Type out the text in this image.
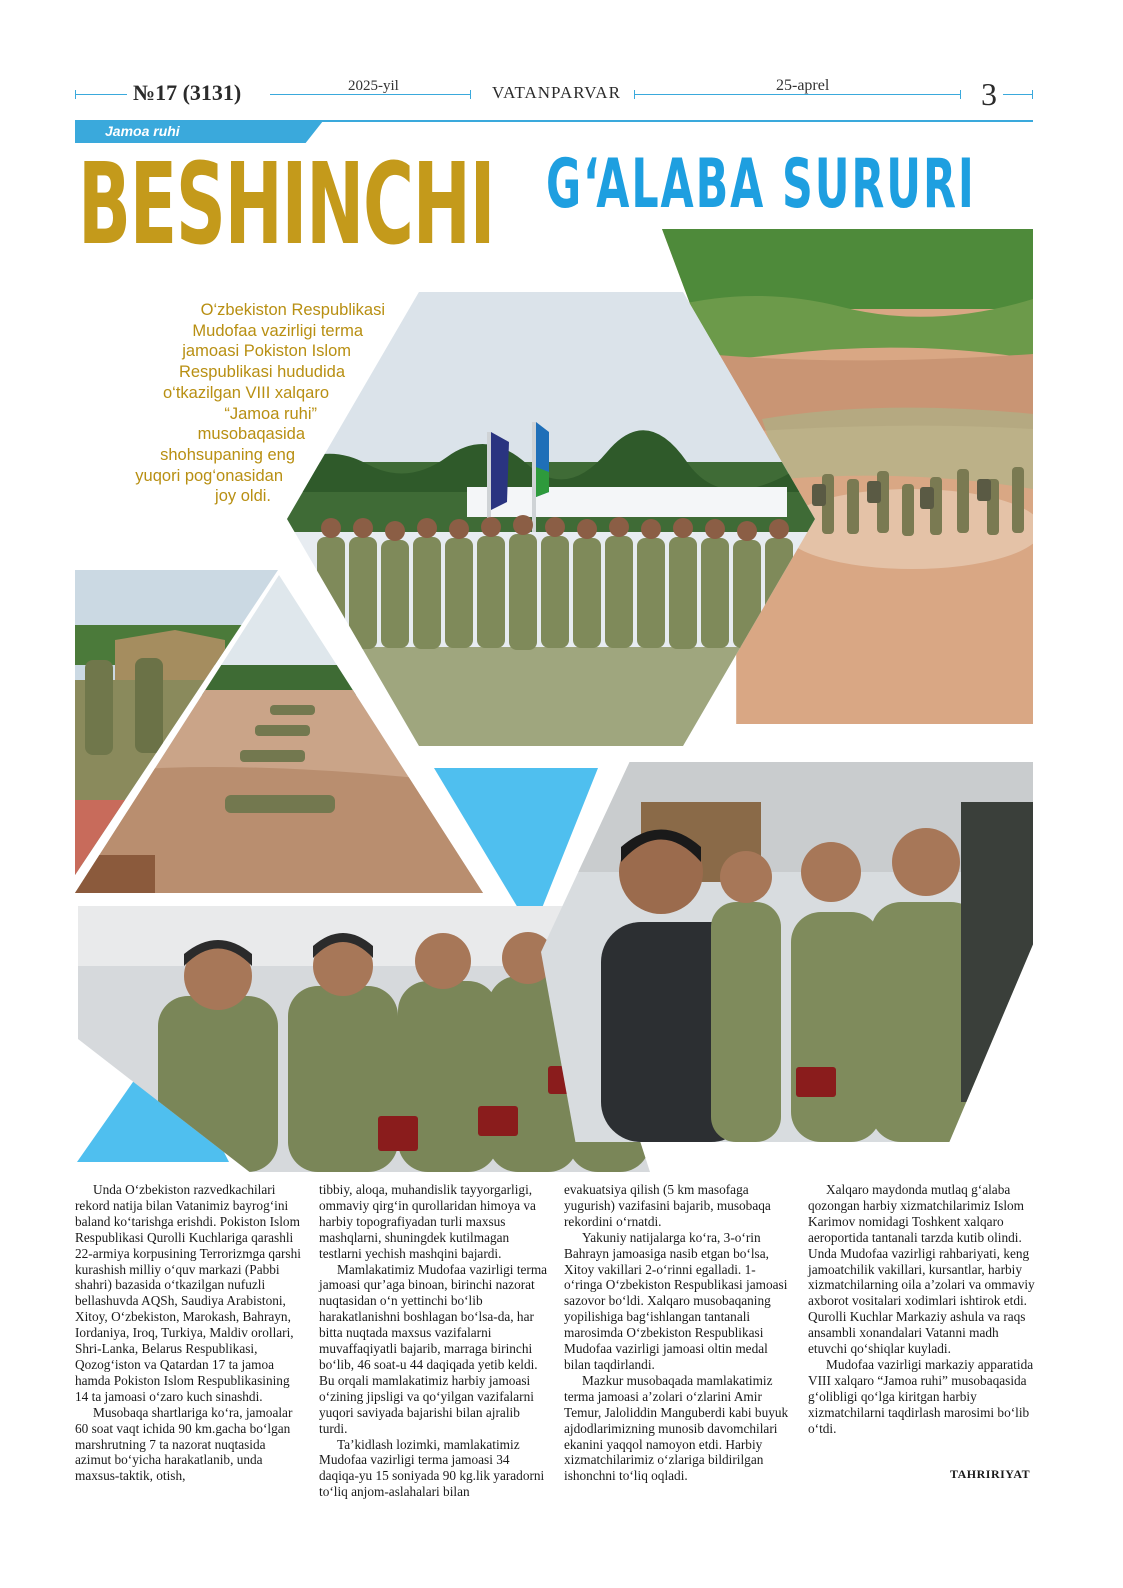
№17 (3131)	2025-yil	VATANPARVAR	25-aprel	3
Jamoa ruhi
BESHINCHI G‘ALABA SURURI
O‘zbekiston Respublikasi
Mudofaa vazirligi terma
jamoasi Pokiston Islom
Respublikasi hududida
o‘tkazilgan VIII xalqaro
“Jamoa ruhi”
musobaqasida
shohsupaning eng
yuqori pog‘onasidan
joy oldi.

Unda O‘zbekiston razvedkachilari rekord natija bilan Vatanimiz bayrog‘ini baland ko‘tarishga erishdi. Pokiston Islom Respublikasi Qurolli Kuchlariga qarashli 22-armiya korpusining Terrorizmga qarshi kurashish milliy o‘quv markazi (Pabbi shahri) bazasida o‘tkazilgan nufuzli bellashuvda AQSh, Saudiya Arabistoni, Xitoy, O‘zbekiston, Marokash, Bahrayn, Iordaniya, Iroq, Turkiya, Maldiv orollari, Shri-Lanka, Belarus Respublikasi, Qozog‘iston va Qatardan 17 ta jamoa hamda Pokiston Islom Respublikasining 14 ta jamoasi o‘zaro kuch sinashdi.

Musobaqa shartlariga ko‘ra, jamoalar 60 soat vaqt ichida 90 km.gacha bo‘lgan marshrutning 7 ta nazorat nuqtasida azimut bo‘yicha harakatlanib, unda maxsus-taktik, otish,

tibbiy, aloqa, muhandislik tayyorgarligi, ommaviy qirg‘in qurollaridan himoya va harbiy topografiyadan turli maxsus mashqlarni, shuningdek kutilmagan testlarni yechish mashqini bajardi.

Mamlakatimiz Mudofaa vazirligi terma jamoasi qur’aga binoan, birinchi nazorat nuqtasidan o‘n yettinchi bo‘lib harakatlanishni boshlagan bo‘lsa-da, har bitta nuqtada maxsus vazifalarni muvaffaqiyatli bajarib, marraga birinchi bo‘lib, 46 soat-u 44 daqiqada yetib keldi. Bu orqali mamlakatimiz harbiy jamoasi o‘zining jipsligi va qo‘yilgan vazifalarni yuqori saviyada bajarishi bilan ajralib turdi.

Ta’kidlash lozimki, mamlakatimiz Mudofaa vazirligi terma jamoasi 34 daqiqa-yu 15 soniyada 90 kg.lik yaradorni to‘liq anjom-aslahalari bilan

evakuatsiya qilish (5 km masofaga yugurish) vazifasini bajarib, musobaqa rekordini o‘rnatdi.

Yakuniy natijalarga ko‘ra, 3-o‘rin Bahrayn jamoasiga nasib etgan bo‘lsa, Xitoy vakillari 2-o‘rinni egalladi. 1-o‘ringa O‘zbekiston Respublikasi jamoasi sazovor bo‘ldi. Xalqaro musobaqaning yopilishiga bag‘ishlangan tantanali marosimda O‘zbekiston Respublikasi Mudofaa vazirligi jamoasi oltin medal bilan taqdirlandi.

Mazkur musobaqada mamlakatimiz terma jamoasi a’zolari o‘zlarini Amir Temur, Jaloliddin Manguberdi kabi buyuk ajdodlarimizning munosib davomchilari ekanini yaqqol namoyon etdi. Harbiy xizmatchilarimiz o‘zlariga bildirilgan ishonchni to‘liq oqladi.

Xalqaro maydonda mutlaq g‘alaba qozongan harbiy xizmatchilarimiz Islom Karimov nomidagi Toshkent xalqaro aeroportida tantanali tarzda kutib olindi. Unda Mudofaa vazirligi rahbariyati, keng jamoatchilik vakillari, kursantlar, harbiy xizmatchilarning oila a’zolari va ommaviy axborot vositalari xodimlari ishtirok etdi. Qurolli Kuchlar Markaziy ashula va raqs ansambli xonandalari Vatanni madh etuvchi qo‘shiqlar kuyladi.

Mudofaa vazirligi markaziy apparatida VIII xalqaro “Jamoa ruhi” musobaqasida g‘olibligi qo‘lga kiritgan harbiy xizmatchilarni taqdirlash marosimi bo‘lib o‘tdi.

TAHRIRIYAT
